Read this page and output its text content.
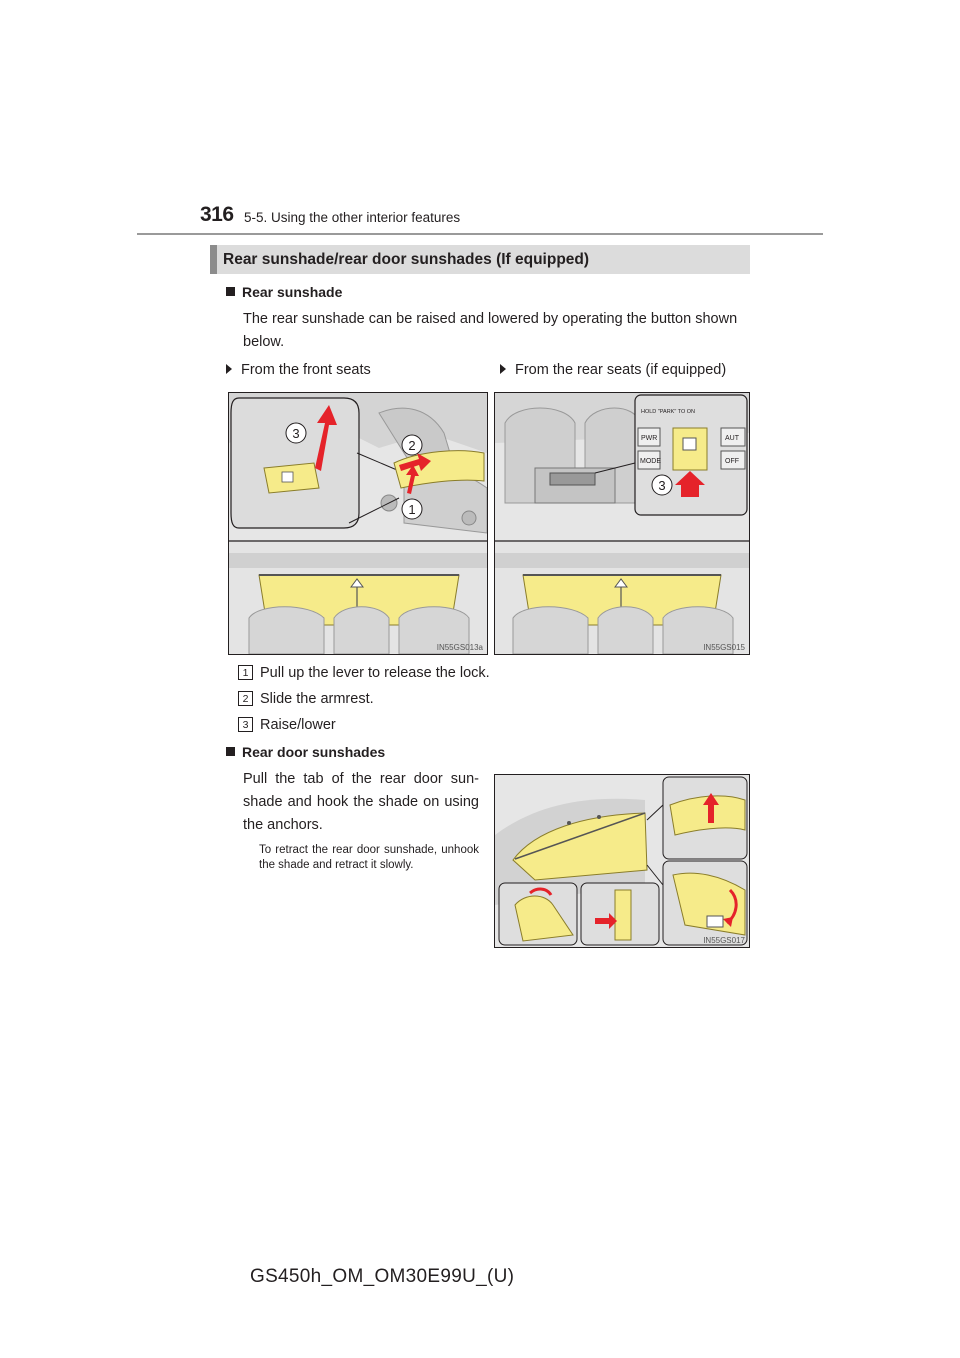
316 5-5. Using the other interior features
Rear sunshade/rear door sunshades (If equipped)
Rear sunshade
The rear sunshade can be raised and lowered by operating the button shown below.
From the front seats	From the rear seats (if equipped)
3
2
1
IN55GS013a
HOLD "PARK" TO ON
PWR
MODE
AUT
OFF
3
IN55GS015
1 Pull up the lever to release the lock.
2 Slide the armrest.
3 Raise/lower
Rear door sunshades
Pull the tab of the rear door sun-shade and hook the shade on using the anchors.
To retract the rear door sunshade, unhook the shade and retract it slowly.
IN55GS017
GS450h_OM_OM30E99U_(U)
